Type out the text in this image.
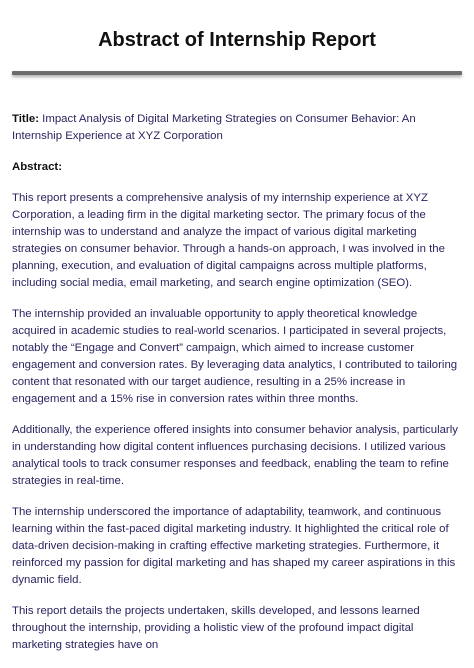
Abstract of Internship Report

Title: Impact Analysis of Digital Marketing Strategies on Consumer Behavior: An Internship Experience at XYZ Corporation

Abstract:

This report presents a comprehensive analysis of my internship experience at XYZ Corporation, a leading firm in the digital marketing sector. The primary focus of the internship was to understand and analyze the impact of various digital marketing strategies on consumer behavior. Through a hands-on approach, I was involved in the planning, execution, and evaluation of digital campaigns across multiple platforms, including social media, email marketing, and search engine optimization (SEO).

The internship provided an invaluable opportunity to apply theoretical knowledge acquired in academic studies to real-world scenarios. I participated in several projects, notably the “Engage and Convert” campaign, which aimed to increase customer engagement and conversion rates. By leveraging data analytics, I contributed to tailoring content that resonated with our target audience, resulting in a 25% increase in engagement and a 15% rise in conversion rates within three months.

Additionally, the experience offered insights into consumer behavior analysis, particularly in understanding how digital content influences purchasing decisions. I utilized various analytical tools to track consumer responses and feedback, enabling the team to refine strategies in real-time.

The internship underscored the importance of adaptability, teamwork, and continuous learning within the fast-paced digital marketing industry. It highlighted the critical role of data-driven decision-making in crafting effective marketing strategies. Furthermore, it reinforced my passion for digital marketing and has shaped my career aspirations in this dynamic field.

This report details the projects undertaken, skills developed, and lessons learned throughout the internship, providing a holistic view of the profound impact digital marketing strategies have on
